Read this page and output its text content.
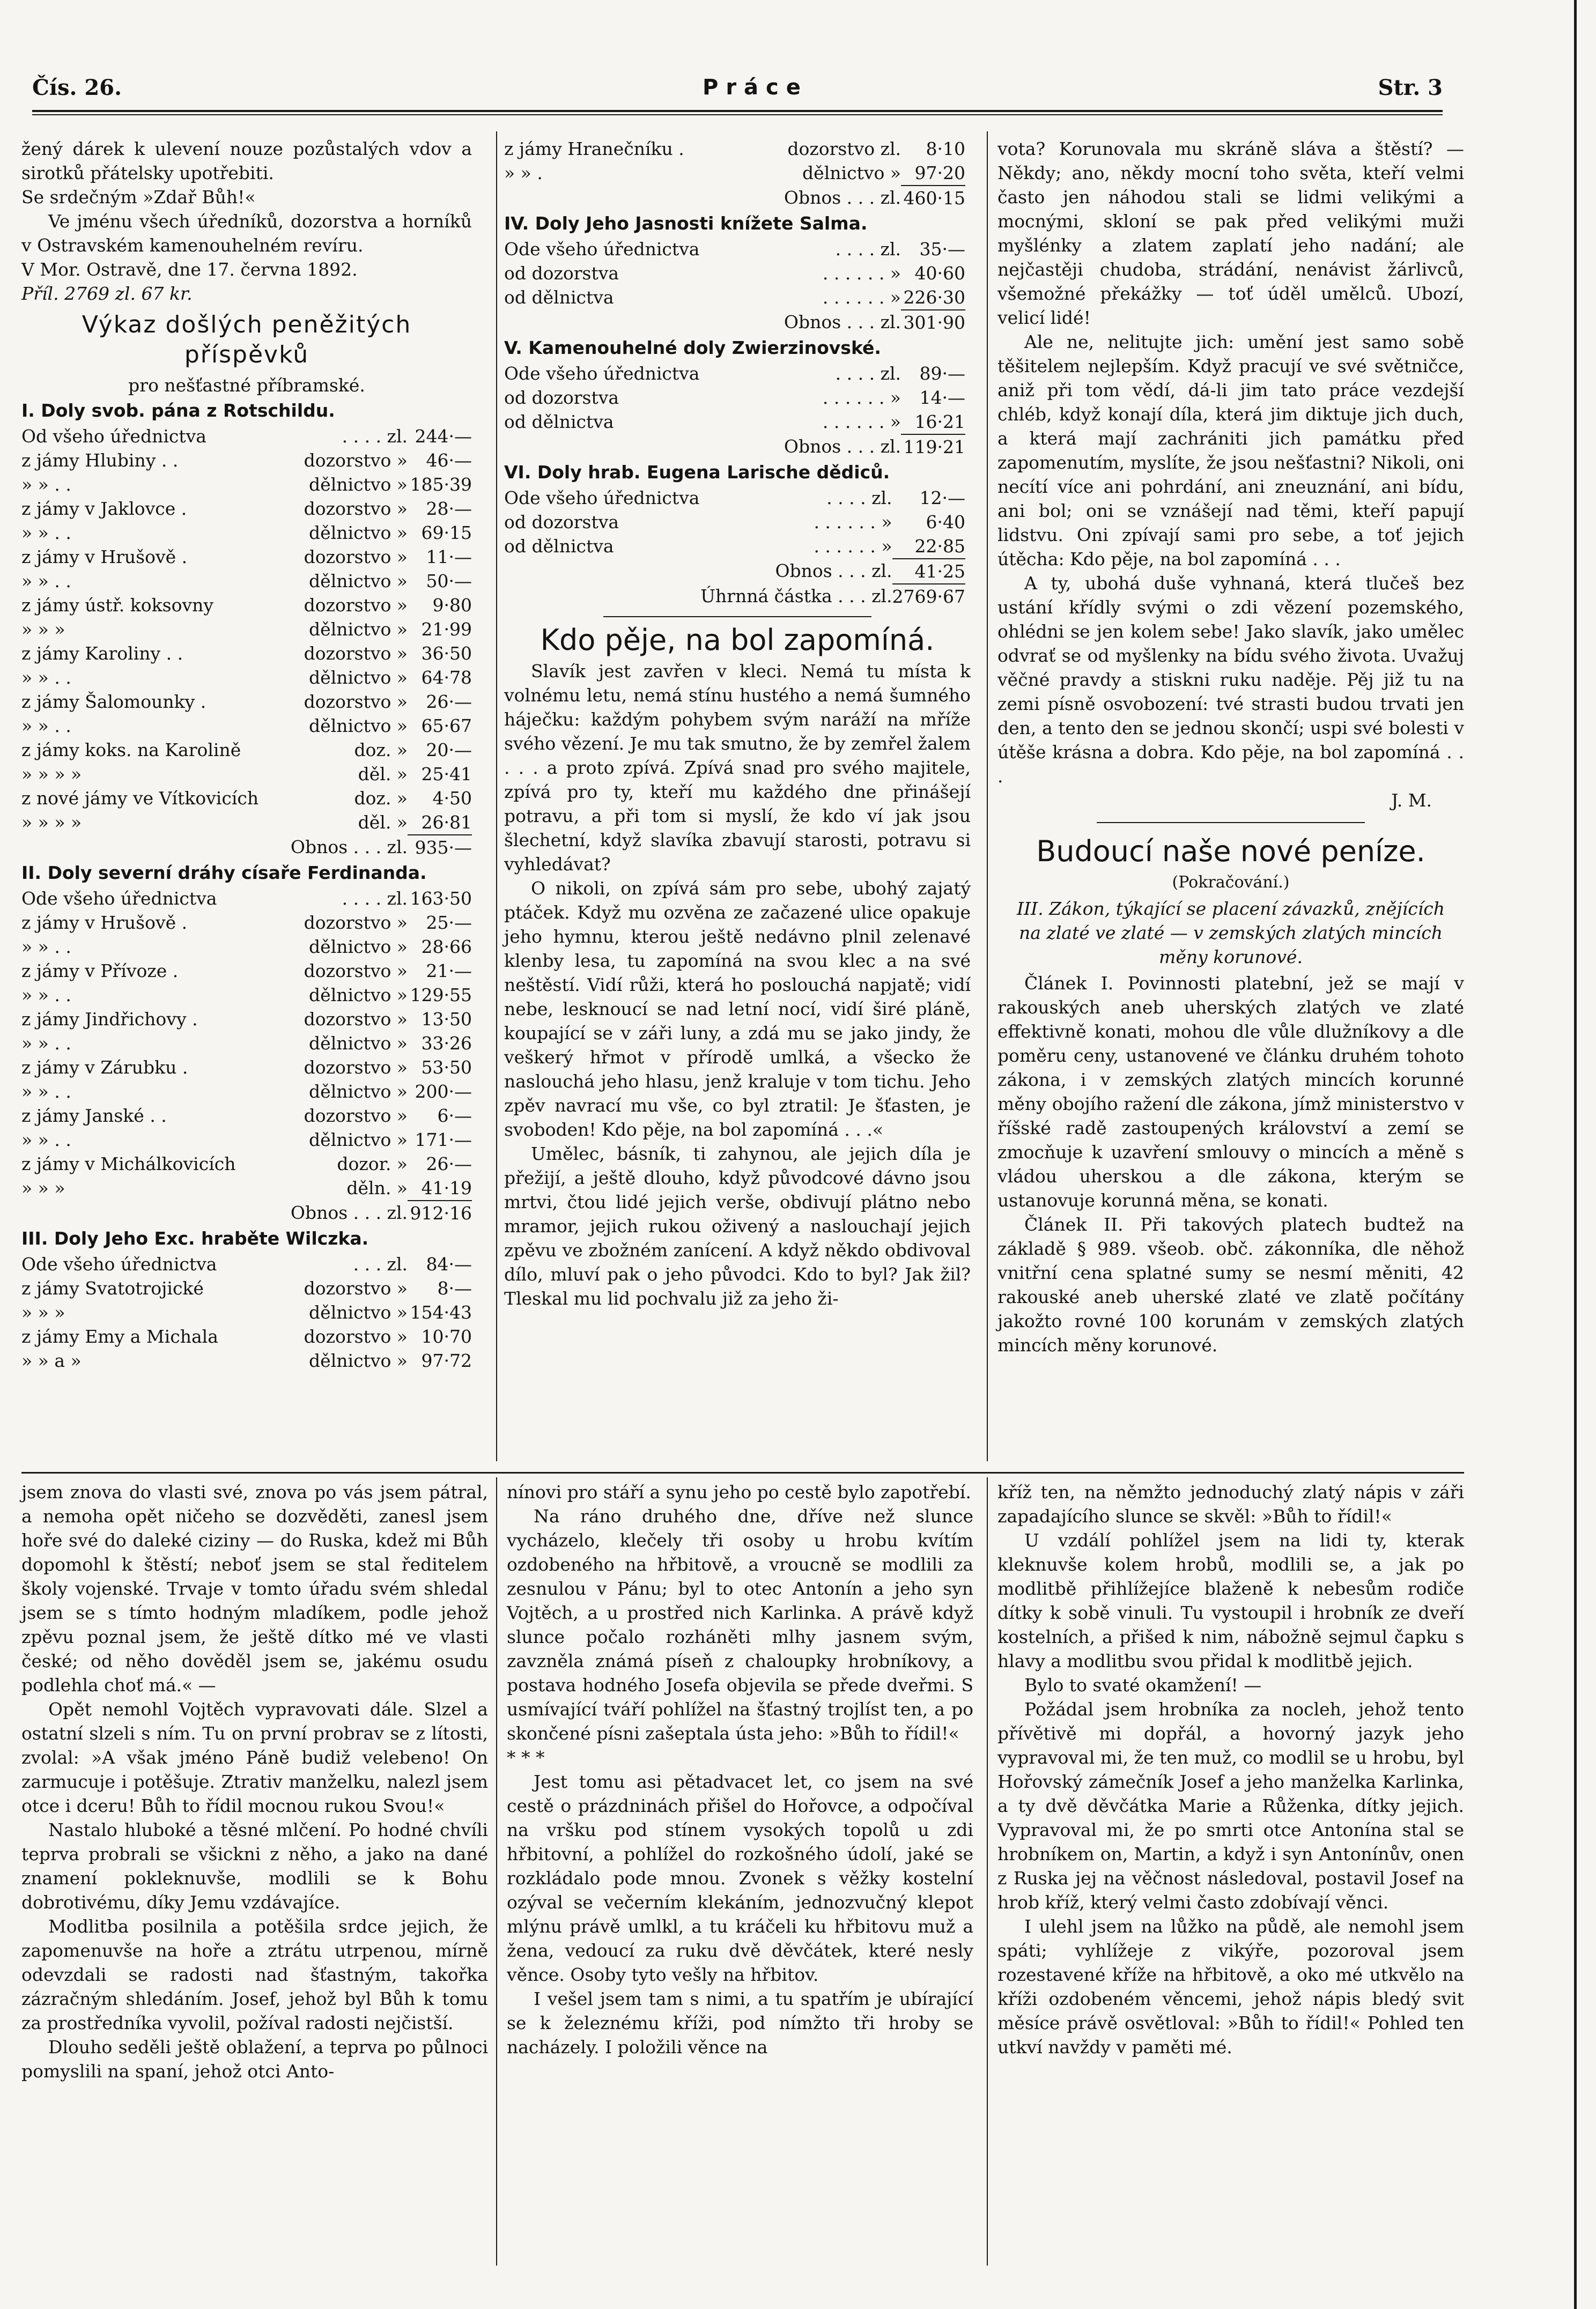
Čís. 26.	Práce	Str. 3

žený dárek k ulevení nouze pozůstalých vdov a sirotků přátelsky upotřebiti.

Se srdečným »Zdař Bůh!«

Ve jménu všech úředníků, dozorstva a horníků v Ostravském kamenouhelném revíru.

V Mor. Ostravě, dne 17. června 1892.

Příl. 2769 zl. 67 kr.

Výkaz došlých peněžitých příspěvků
pro nešťastné příbramské.
I. Doly svob. pána z Rotschildu.
Od všeho úřednictva	. . . . zl.	244·—
z jámy Hlubiny . .	dozorstvo »	46·—
» » . .	dělnictvo »	185·39
z jámy v Jaklovce .	dozorstvo »	28·—
» » . .	dělnictvo »	69·15
z jámy v Hrušově .	dozorstvo »	11·—
» » . .	dělnictvo »	50·—
z jámy ústř. koksovny	dozorstvo »	9·80
» » »	dělnictvo »	21·99
z jámy Karoliny . .	dozorstvo »	36·50
» » . .	dělnictvo »	64·78
z jámy Šalomounky .	dozorstvo »	26·—
» » . .	dělnictvo »	65·67
z jámy koks. na Karolině	doz. »	20·—
» » » »	děl. »	25·41
z nové jámy ve Vítkovicích	doz. »	4·50
» » » »	děl. »	26·81
Obnos . . . zl.		935·—
II. Doly severní dráhy císaře Ferdinanda.
Ode všeho úřednictva	. . . . zl.	163·50
z jámy v Hrušově .	dozorstvo »	25·—
» » . .	dělnictvo »	28·66
z jámy v Přívoze .	dozorstvo »	21·—
» » . .	dělnictvo »	129·55
z jámy Jindřichovy .	dozorstvo »	13·50
» » . .	dělnictvo »	33·26
z jámy v Zárubku .	dozorstvo »	53·50
» » . .	dělnictvo »	200·—
z jámy Janské . .	dozorstvo »	6·—
» » . .	dělnictvo »	171·—
z jámy v Michálkovicích	dozor. »	26·—
» » »	děln. »	41·19
Obnos . . . zl.		912·16
III. Doly Jeho Exc. hraběte Wilczka.
Ode všeho úřednictva	. . . zl.	84·—
z jámy Svatotrojické	dozorstvo »	8·—
» » »	dělnictvo »	154·43
z jámy Emy a Michala	dozorstvo »	10·70
» » a »	dělnictvo »	97·72
z jámy Hranečníku .	dozorstvo zl.	8·10
» » .	dělnictvo »	97·20
Obnos . . . zl.		460·15
IV. Doly Jeho Jasnosti knížete Salma.
Ode všeho úřednictva	. . . . zl.	35·—
od dozorstva	. . . . . . »	40·60
od dělnictva	. . . . . . »	226·30
Obnos . . . zl.		301·90
V. Kamenouhelné doly Zwierzinovské.
Ode všeho úřednictva	. . . . zl.	89·—
od dozorstva	. . . . . . »	14·—
od dělnictva	. . . . . . »	16·21
Obnos . . . zl.		119·21
VI. Doly hrab. Eugena Larische dědiců.
Ode všeho úřednictva	. . . . zl.	12·—
od dozorstva	. . . . . . »	6·40
od dělnictva	. . . . . . »	22·85
Obnos . . . zl.		41·25
Úhrnná částka . . . zl.		2769·67
Kdo pěje, na bol zapomíná.

Slavík jest zavřen v kleci. Nemá tu místa k volnému letu, nemá stínu hustého a nemá šumného háječku: každým pohybem svým naráží na mříže svého vězení. Je mu tak smutno, že by zemřel žalem . . . a proto zpívá. Zpívá snad pro svého majitele, zpívá pro ty, kteří mu každého dne přinášejí potravu, a při tom si myslí, že kdo ví jak jsou šlechetní, když slavíka zbavují starosti, potravu si vyhledávat?

O nikoli, on zpívá sám pro sebe, ubohý zajatý ptáček. Když mu ozvěna ze začazené ulice opakuje jeho hymnu, kterou ještě nedávno plnil zelenavé klenby lesa, tu zapomíná na svou klec a na své neštěstí. Vidí růži, která ho poslouchá napjatě; vidí nebe, lesknoucí se nad letní nocí, vidí širé pláně, koupající se v záři luny, a zdá mu se jako jindy, že veškerý hřmot v přírodě umlká, a všecko že naslouchá jeho hlasu, jenž kraluje v tom tichu. Jeho zpěv navrací mu vše, co byl ztratil: Je šťasten, je svoboden! Kdo pěje, na bol zapomíná . . .«

Umělec, básník, ti zahynou, ale jejich díla je přežijí, a ještě dlouho, když původcové dávno jsou mrtvi, čtou lidé jejich verše, obdivují plátno nebo mramor, jejich rukou oživený a naslouchají jejich zpěvu ve zbožném zanícení. A když někdo obdivoval dílo, mluví pak o jeho původci. Kdo to byl? Jak žil? Tleskal mu lid pochvalu již za jeho ži-

vota? Korunovala mu skráně sláva a štěstí? — Někdy; ano, někdy mocní toho světa, kteří velmi často jen náhodou stali se lidmi velikými a mocnými, skloní se pak před velikými muži myšlénky a zlatem zaplatí jeho nadání; ale nejčastěji chudoba, strádání, nenávist žárlivců, všemožné překážky — toť úděl umělců. Ubozí, velicí lidé!

Ale ne, nelitujte jich: umění jest samo sobě těšitelem nejlepším. Když pracují ve své světničce, aniž při tom vědí, dá-li jim tato práce vezdejší chléb, když konají díla, která jim diktuje jich duch, a která mají zachrániti jich památku před zapomenutím, myslíte, že jsou nešťastni? Nikoli, oni necítí více ani pohrdání, ani zneuznání, ani bídu, ani bol; oni se vznášejí nad těmi, kteří papují lidstvu. Oni zpívají sami pro sebe, a toť jejich útěcha: Kdo pěje, na bol zapomíná . . .

A ty, ubohá duše vyhnaná, která tlučeš bez ustání křídly svými o zdi vězení pozemského, ohlédni se jen kolem sebe! Jako slavík, jako umělec odvrať se od myšlenky na bídu svého života. Uvažuj věčné pravdy a stiskni ruku naděje. Pěj již tu na zemi písně osvobození: tvé strasti budou trvati jen den, a tento den se jednou skončí; uspi své bolesti v útěše krásna a dobra. Kdo pěje, na bol zapomíná . . .

J. M.
Budoucí naše nové peníze.
(Pokračování.)

III. Zákon, týkající se placení závazků, znějících na zlaté ve zlaté — v zemských zlatých mincích měny korunové.

Článek I. Povinnosti platební, jež se mají v rakouských aneb uherských zlatých ve zlaté effektivně konati, mohou dle vůle dlužníkovy a dle poměru ceny, ustanovené ve článku druhém tohoto zákona, i v zemských zlatých mincích korunné měny obojího ražení dle zákona, jímž ministerstvo v říšské radě zastoupených království a zemí se zmocňuje k uzavření smlouvy o mincích a měně s vládou uherskou a dle zákona, kterým se ustanovuje korunná měna, se konati.

Článek II. Při takových platech budtež na základě § 989. všeob. obč. zákonníka, dle něhož vnitřní cena splatné sumy se nesmí měniti, 42 rakouské aneb uherské zlaté ve zlatě počítány jakožto rovné 100 korunám v zemských zlatých mincích měny korunové.

jsem znova do vlasti své, znova po vás jsem pátral, a nemoha opět ničeho se dozvěděti, zanesl jsem hoře své do daleké ciziny — do Ruska, kdež mi Bůh dopomohl k štěstí; neboť jsem se stal ředitelem školy vojenské. Trvaje v tomto úřadu svém shledal jsem se s tímto hodným mladíkem, podle jehož zpěvu poznal jsem, že ještě dítko mé ve vlasti české; od něho dověděl jsem se, jakému osudu podlehla choť má.« —

Opět nemohl Vojtěch vypravovati dále. Slzel a ostatní slzeli s ním. Tu on první probrav se z lítosti, zvolal: »A však jméno Páně budiž velebeno! On zarmucuje i potěšuje. Ztrativ manželku, nalezl jsem otce i dceru! Bůh to řídil mocnou rukou Svou!«

Nastalo hluboké a těsné mlčení. Po hodné chvíli teprva probrali se všickni z něho, a jako na dané znamení pokleknuvše, modlili se k Bohu dobrotivému, díky Jemu vzdávajíce.

Modlitba posilnila a potěšila srdce jejich, že zapomenuvše na hoře a ztrátu utrpenou, mírně odevzdali se radosti nad šťastným, takořka zázračným shledáním. Josef, jehož byl Bůh k tomu za prostředníka vyvolil, požíval radosti nejčistší.

Dlouho seděli ještě oblažení, a teprva po půlnoci pomyslili na spaní, jehož otci Anto-

nínovi pro stáří a synu jeho po cestě bylo zapotřebí.

Na ráno druhého dne, dříve než slunce vycházelo, klečely tři osoby u hrobu kvítím ozdobeného na hřbitově, a vroucně se modlili za zesnulou v Pánu; byl to otec Antonín a jeho syn Vojtěch, a u prostřed nich Karlinka. A právě když slunce počalo rozháněti mlhy jasnem svým, zavzněla známá píseň z chaloupky hrobníkovy, a postava hodného Josefa objevila se přede dveřmi. S usmívající tváří pohlížel na šťastný trojlíst ten, a po skončené písni zašeptala ústa jeho: »Bůh to řídil!«

* * *

Jest tomu asi pětadvacet let, co jsem na své cestě o prázdninách přišel do Hořovce, a odpočíval na vršku pod stínem vysokých topolů u zdi hřbitovní, a pohlížel do rozkošného údolí, jaké se rozkládalo pode mnou. Zvonek s věžky kostelní ozýval se večerním klekáním, jednozvučný klepot mlýnu právě umlkl, a tu kráčeli ku hřbitovu muž a žena, vedoucí za ruku dvě děvčátek, které nesly věnce. Osoby tyto vešly na hřbitov.

I vešel jsem tam s nimi, a tu spatřím je ubírající se k železnému kříži, pod nímžto tři hroby se nacházely. I položili věnce na

kříž ten, na němžto jednoduchý zlatý nápis v záři zapadajícího slunce se skvěl: »Bůh to řídil!«

U vzdálí pohlížel jsem na lidi ty, kterak kleknuvše kolem hrobů, modlili se, a jak po modlitbě přihlížejíce blaženě k nebesům rodiče dítky k sobě vinuli. Tu vystoupil i hrobník ze dveří kostelních, a přišed k nim, nábožně sejmul čapku s hlavy a modlitbu svou přidal k modlitbě jejich.

Bylo to svaté okamžení! —

Požádal jsem hrobníka za nocleh, jehož tento přívětivě mi dopřál, a hovorný jazyk jeho vypravoval mi, že ten muž, co modlil se u hrobu, byl Hořovský zámečník Josef a jeho manželka Karlinka, a ty dvě děvčátka Marie a Růženka, dítky jejich. Vypravoval mi, že po smrti otce Antonína stal se hrobníkem on, Martin, a když i syn Antonínův, onen z Ruska jej na věčnost následoval, postavil Josef na hrob kříž, který velmi často zdobívají věnci.

I ulehl jsem na lůžko na půdě, ale nemohl jsem spáti; vyhlížeje z vikýře, pozoroval jsem rozestavené kříže na hřbitově, a oko mé utkvělo na kříži ozdobeném věncemi, jehož nápis bledý svit měsíce právě osvětloval: »Bůh to řídil!« Pohled ten utkví navždy v paměti mé.
